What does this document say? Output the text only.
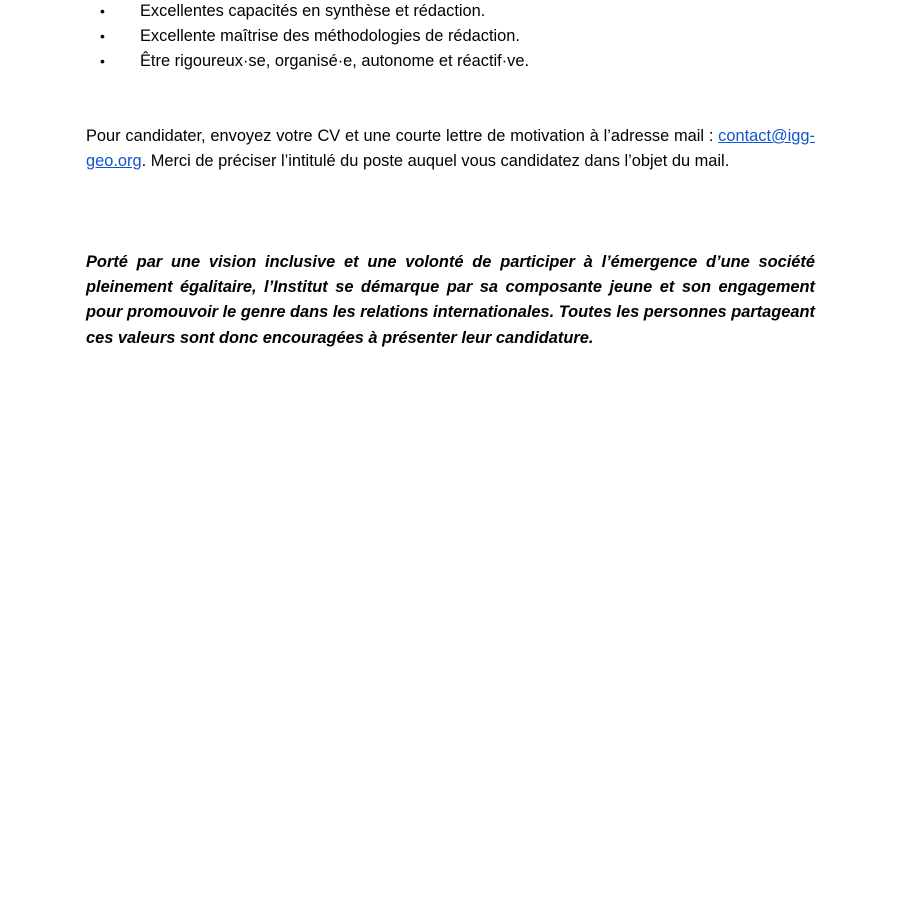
• Excellentes capacités en synthèse et rédaction.
• Excellente maîtrise des méthodologies de rédaction.
• Être rigoureux·se, organisé·e, autonome et réactif·ve.

Pour candidater, envoyez votre CV et une courte lettre de motivation à l’adresse mail : contact@igg-geo.org. Merci de préciser l’intitulé du poste auquel vous candidatez dans l’objet du mail.

Porté par une vision inclusive et une volonté de participer à l’émergence d’une société pleinement égalitaire, l’Institut se démarque par sa composante jeune et son engagement pour promouvoir le genre dans les relations internationales. Toutes les personnes partageant ces valeurs sont donc encouragées à présenter leur candidature.
